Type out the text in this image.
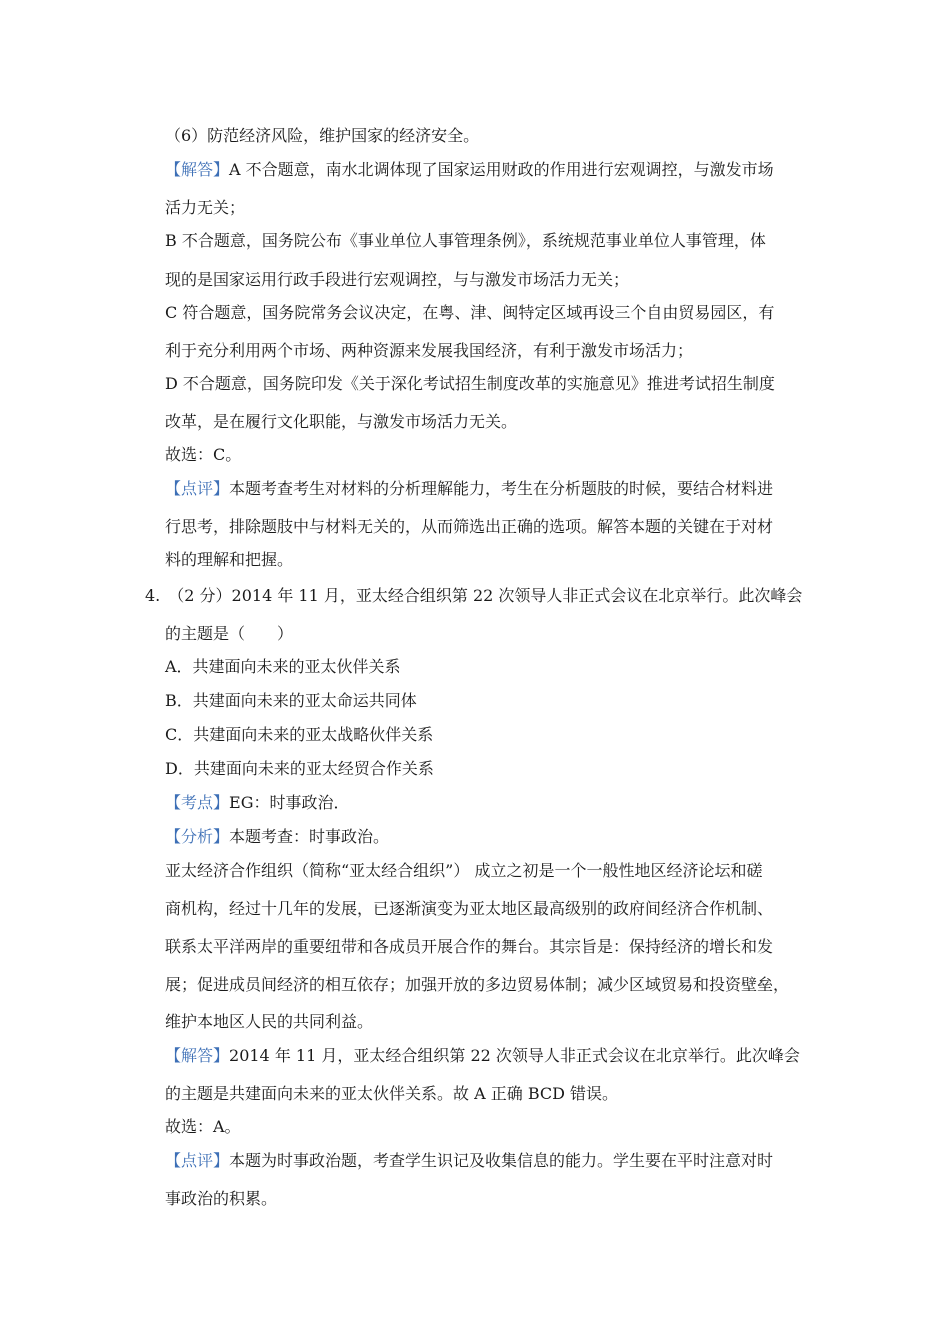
（6）防范经济风险，维护国家的经济安全。
【解答】A 不合题意，南水北调体现了国家运用财政的作用进行宏观调控，与激发市场
活力无关；
B 不合题意，国务院公布《事业单位人事管理条例》，系统规范事业单位人事管理，体
现的是国家运用行政手段进行宏观调控，与与激发市场活力无关；
C 符合题意，国务院常务会议决定，在粤、津、闽特定区域再设三个自由贸易园区，有
利于充分利用两个市场、两种资源来发展我国经济，有利于激发市场活力；
D 不合题意，国务院印发《关于深化考试招生制度改革的实施意见》推进考试招生制度
改革，是在履行文化职能，与激发市场活力无关。
故选：C。
【点评】本题考查考生对材料的分析理解能力，考生在分析题肢的时候，要结合材料进
行思考，排除题肢中与材料无关的，从而筛选出正确的选项。解答本题的关键在于对材
料的理解和把握。
4. （2 分）2014 年 11 月，亚太经合组织第 22 次领导人非正式会议在北京举行。此次峰会
的主题是（　　）
A．共建面向未来的亚太伙伴关系
B．共建面向未来的亚太命运共同体
C．共建面向未来的亚太战略伙伴关系
D．共建面向未来的亚太经贸合作关系
【考点】EG：时事政治．
【分析】本题考查：时事政治。
亚太经济合作组织（简称“亚太经合组织”） 成立之初是一个一般性地区经济论坛和磋
商机构，经过十几年的发展，已逐渐演变为亚太地区最高级别的政府间经济合作机制、
联系太平洋两岸的重要纽带和各成员开展合作的舞台。其宗旨是：保持经济的增长和发
展；促进成员间经济的相互依存；加强开放的多边贸易体制；减少区域贸易和投资壁垒，
维护本地区人民的共同利益。
【解答】2014 年 11 月，亚太经合组织第 22 次领导人非正式会议在北京举行。此次峰会
的主题是共建面向未来的亚太伙伴关系。故 A 正确 BCD 错误。
故选：A。
【点评】本题为时事政治题，考查学生识记及收集信息的能力。学生要在平时注意对时
事政治的积累。
